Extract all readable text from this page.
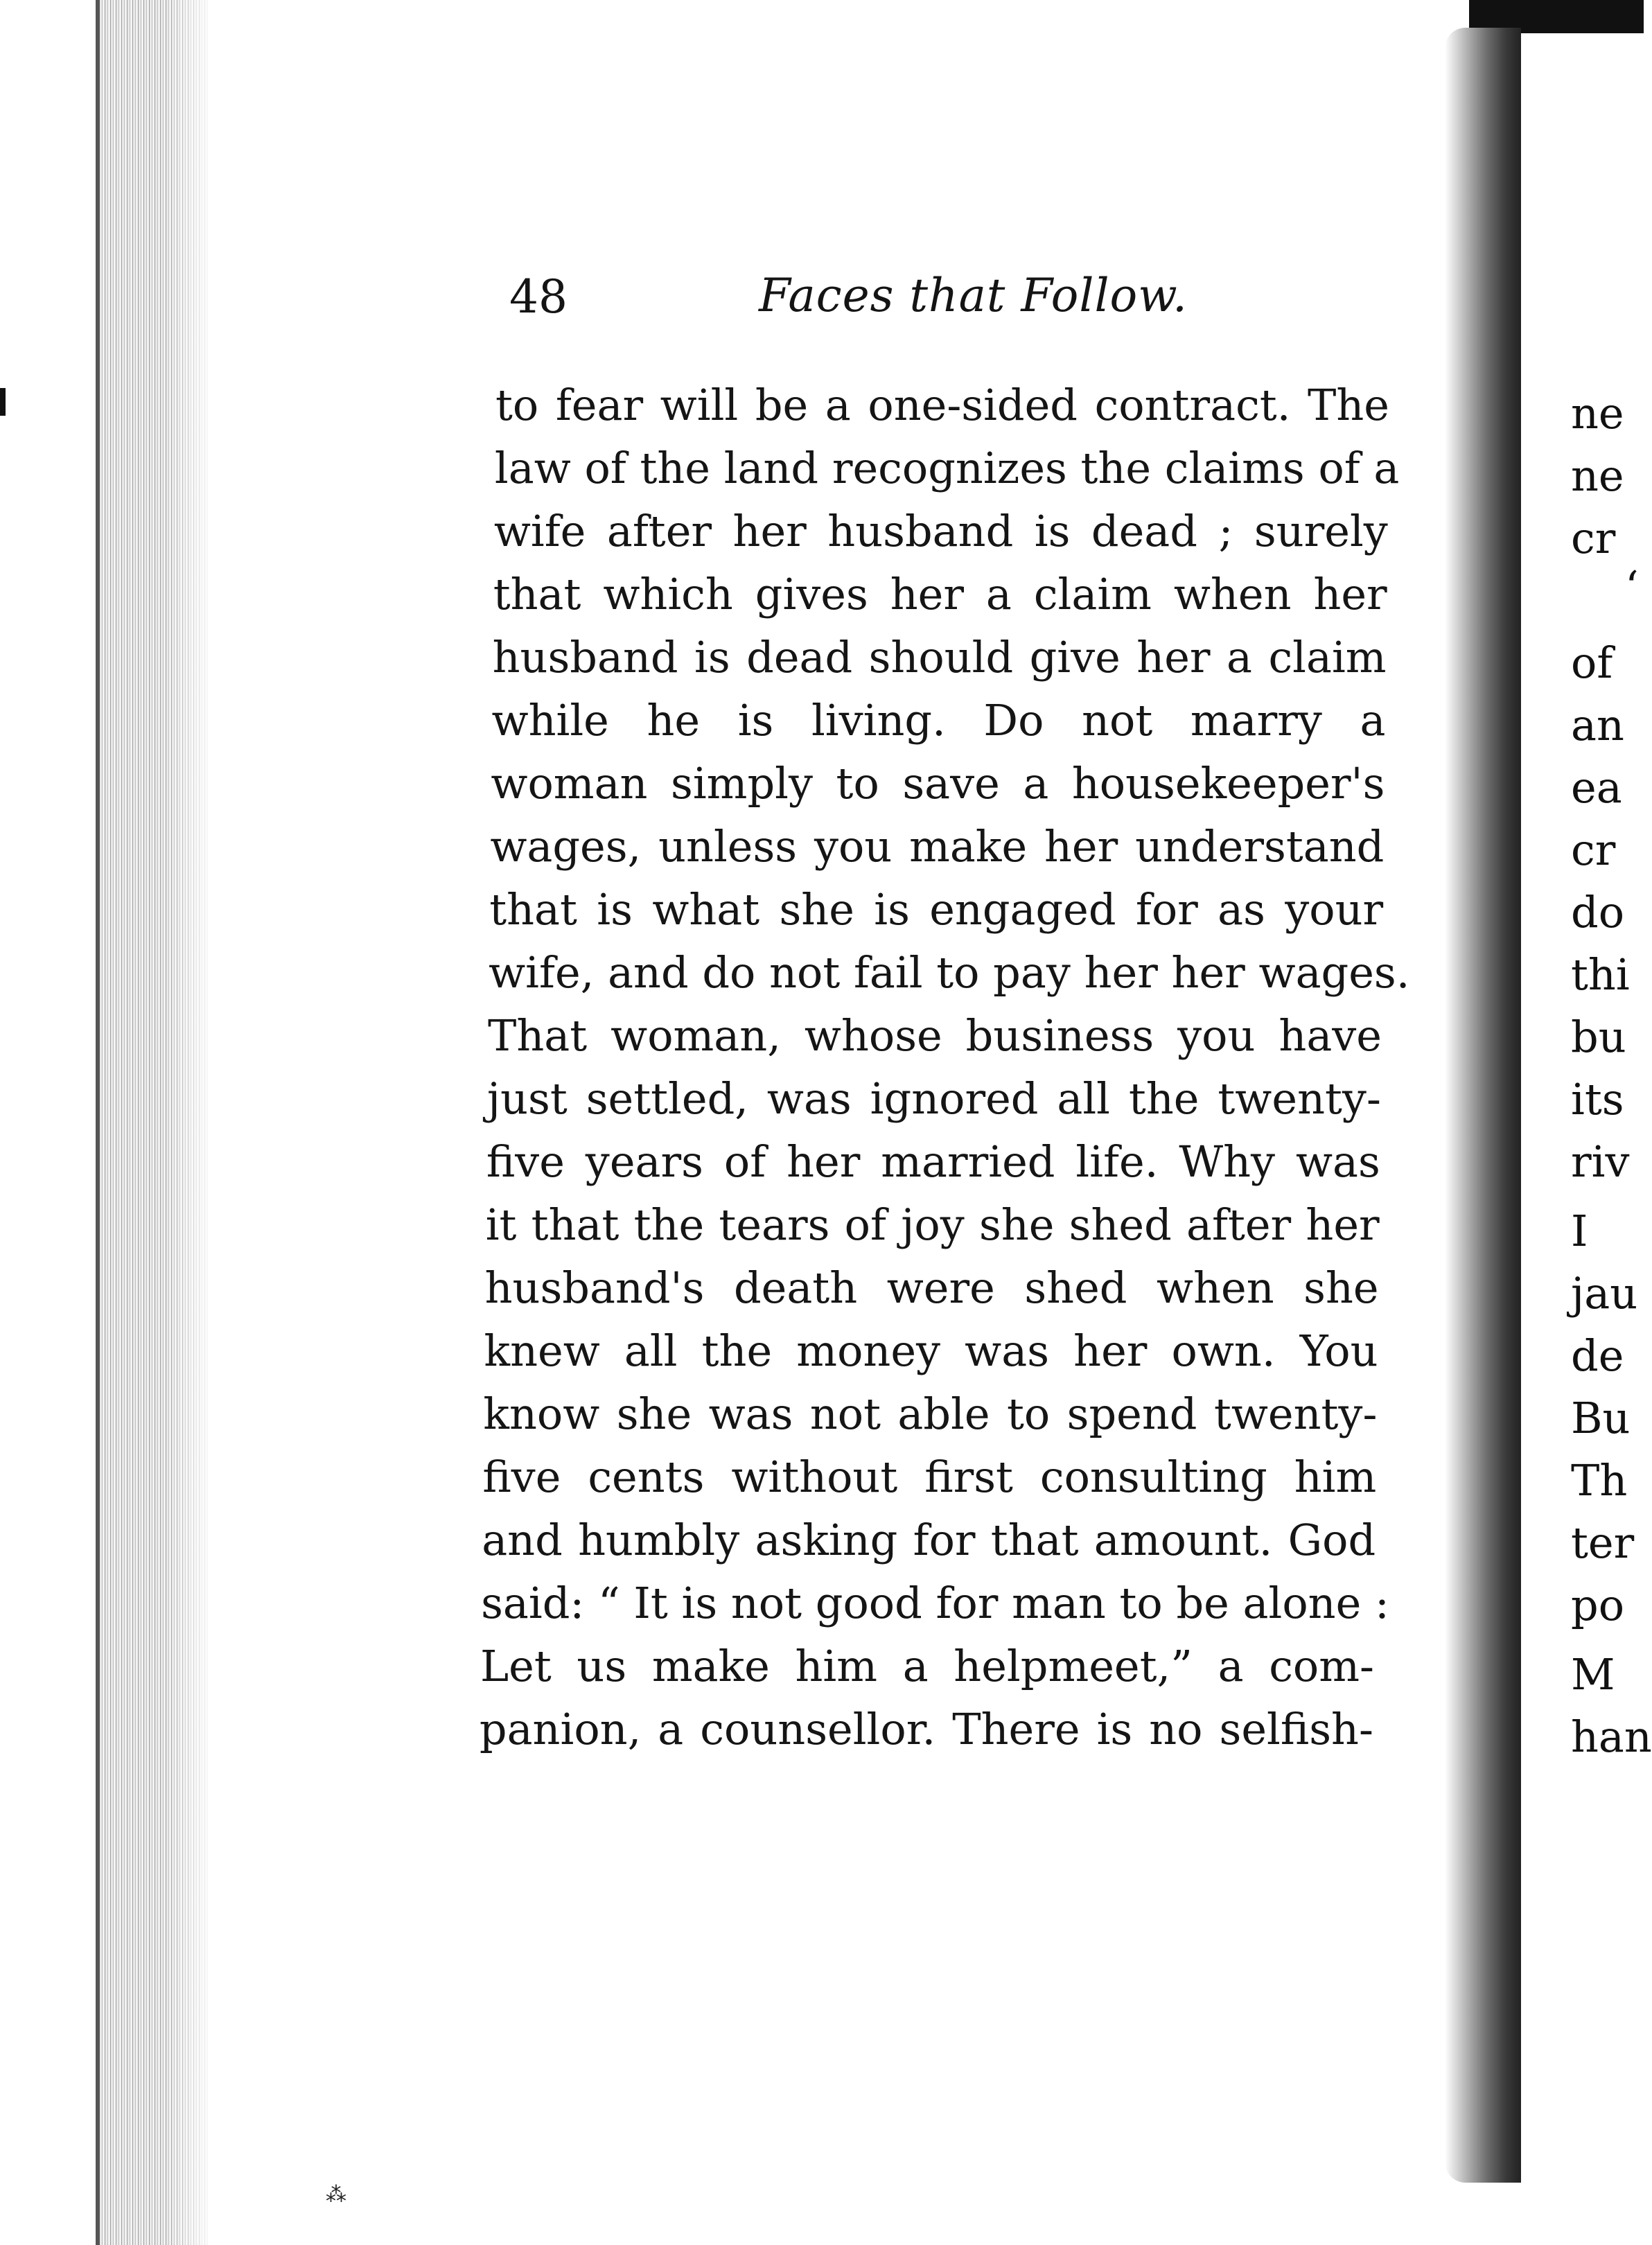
48	Faces that Follow.
to fear will be a one-sided contract. The
law of the land recognizes the claims of a
wife after her husband is dead ; surely
that which gives her a claim when her
husband is dead should give her a claim
while he is living. Do not marry a
woman simply to save a housekeeper's
wages, unless you make her understand
that is what she is engaged for as your
wife, and do not fail to pay her her wages.
That woman, whose business you have
just settled, was ignored all the twenty-
five years of her married life. Why was
it that the tears of joy she shed after her
husband's death were shed when she
knew all the money was her own. You
know she was not able to spend twenty-
five cents without first consulting him
and humbly asking for that amount. God
said: “ It is not good for man to be alone :
Let us make him a helpmeet,” a com-
panion, a counsellor. There is no selfish-
⁂
ne
ne
cr
‘
of
an
ea
cr
do
thi
bu
its
riv
I
jau
de
Bu
Th
ter
po
M
han
